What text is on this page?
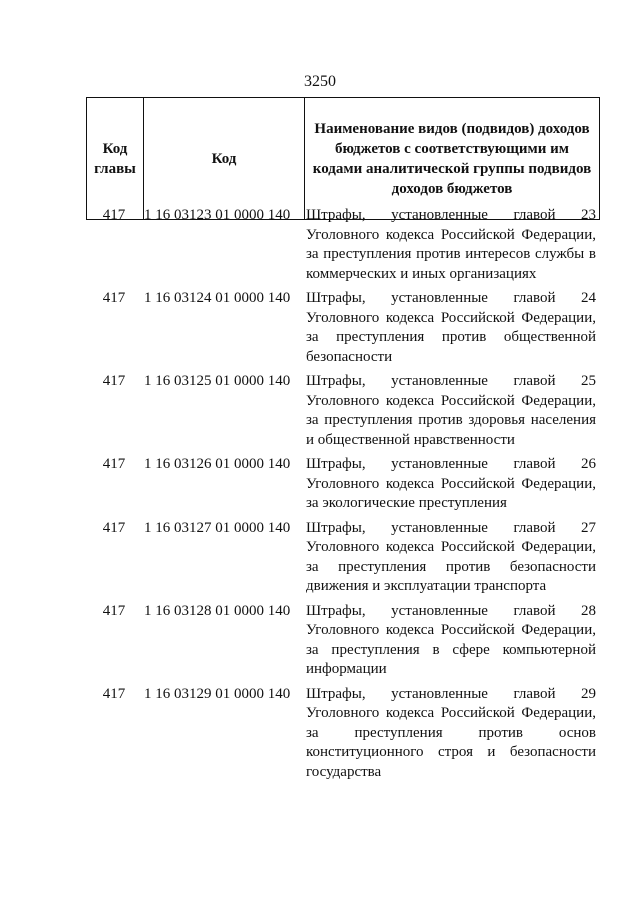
3250
Код главы	Код	Наименование видов (подвидов) доходов бюджетов с соответствующими им кодами аналитической группы подвидов доходов бюджетов
417	1 16 03123 01 0000 140	Штрафы, установленные главой 23 Уголовного кодекса Российской Федерации, за преступления против интересов службы в коммерческих и иных организациях
417	1 16 03124 01 0000 140	Штрафы, установленные главой 24 Уголовного кодекса Российской Федерации, за преступления против общественной безопасности
417	1 16 03125 01 0000 140	Штрафы, установленные главой 25 Уголовного кодекса Российской Федерации, за преступления против здоровья населения и общественной нравственности
417	1 16 03126 01 0000 140	Штрафы, установленные главой 26 Уголовного кодекса Российской Федерации, за экологические преступления
417	1 16 03127 01 0000 140	Штрафы, установленные главой 27 Уголовного кодекса Российской Федерации, за преступления против безопасности движения и эксплуатации транспорта
417	1 16 03128 01 0000 140	Штрафы, установленные главой 28 Уголовного кодекса Российской Федерации, за преступления в сфере компьютерной информации
417	1 16 03129 01 0000 140	Штрафы, установленные главой 29 Уголовного кодекса Российской Федерации, за преступления против основ конституционного строя и безопасности государства
